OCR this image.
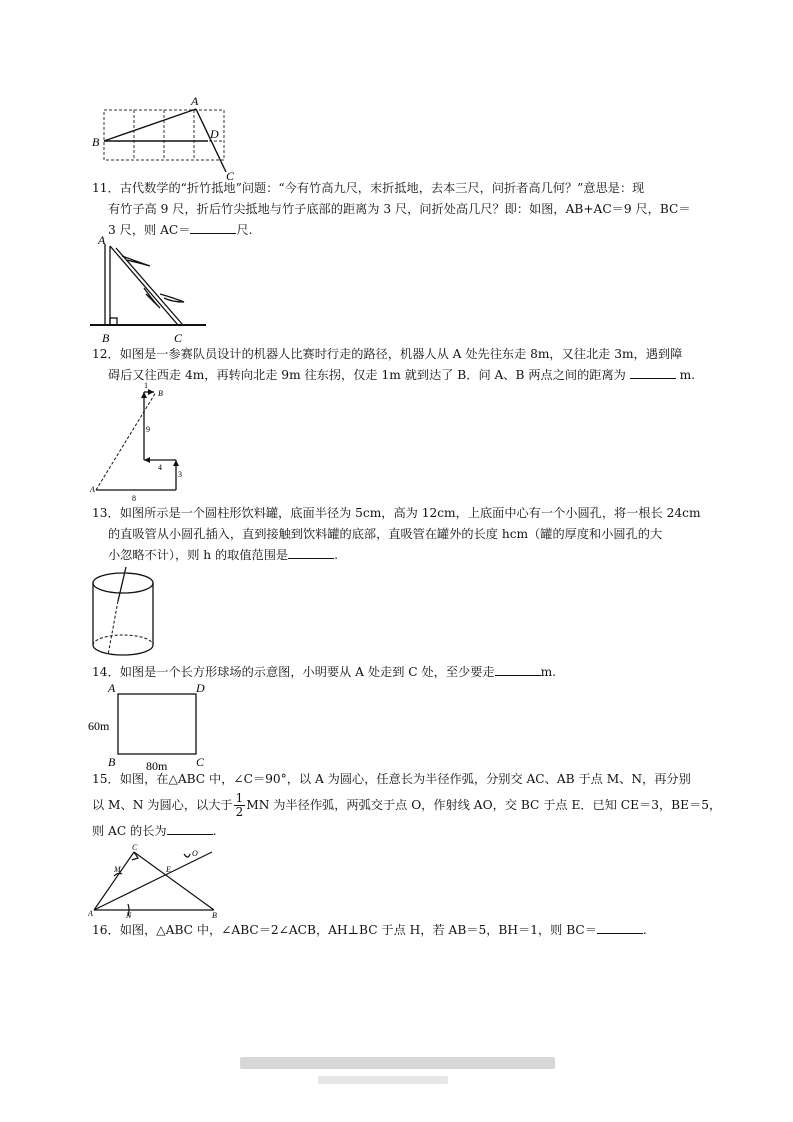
B
A
D
C

11．古代数学的“折竹抵地”问题：“今有竹高九尺，末折抵地，去本三尺，问折者高几何？”意思是：现

有竹子高 9 尺，折后竹尖抵地与竹子底部的距离为 3 尺，问折处高几尺？即：如图，AB+AC＝9 尺，BC＝

3 尺，则 AC＝	尺.

A
B	C

12．如图是一参赛队员设计的机器人比赛时行走的路径，机器人从 A 处先往东走 8m，又往北走 3m，遇到障

碍后又往西走 4m，再转向北走 9m 往东拐，仅走 1m 就到达了 B．问 A、B 两点之间的距离为	m.

A
B
1
9
4
3
8

13．如图所示是一个圆柱形饮料罐，底面半径为 5cm，高为 12cm，上底面中心有一个小圆孔，将一根长 24cm

的直吸管从小圆孔插入，直到接触到饮料罐的底部，直吸管在罐外的长度 hcm（罐的厚度和小圆孔的大

小忽略不计），则 h 的取值范围是	.

14．如图是一个长方形球场的示意图，小明要从 A 处走到 C 处，至少要走	m.

A	D
B	C
60m
80m

15．如图，在△ABC 中，∠C＝90°，以 A 为圆心，任意长为半径作弧，分别交 AC、AB 于点 M、N，再分别

以 M、N 为圆心，以大于 $\frac{1}{2}$ MN 为半径作弧，两弧交于点 O，作射线 AO，交 BC 于点 E．已知 CE＝3，BE＝5，

则 AC 的长为	.

A	B
C
E
M
N
O

16．如图，△ABC 中，∠ABC＝2∠ACB，AH⊥BC 于点 H，若 AB＝5，BH＝1，则 BC＝	.
